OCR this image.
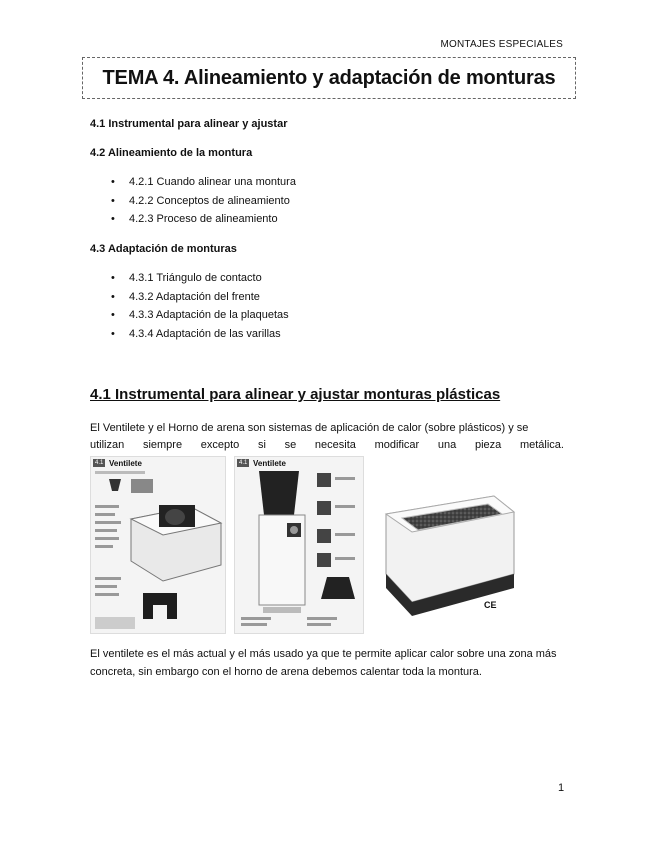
MONTAJES ESPECIALES
TEMA 4. Alineamiento y adaptación de monturas
4.1 Instrumental para alinear y ajustar
4.2 Alineamiento de la montura
• 4.2.1 Cuando alinear una montura
• 4.2.2 Conceptos de alineamiento
• 4.2.3 Proceso de alineamiento
4.3 Adaptación de monturas
• 4.3.1 Triángulo de contacto
• 4.3.2 Adaptación del frente
• 4.3.3 Adaptación de la plaquetas
• 4.3.4 Adaptación de las varillas
4.1 Instrumental para alinear y ajustar monturas plásticas
El Ventilete y el Horno de arena son sistemas de aplicación de calor (sobre plásticos) y se
utilizan siempre excepto si se necesita modificar una pieza metálica.
4.1 Ventilete	4.1 Ventilete
CE
El ventilete es el más actual y el más usado ya que te permite aplicar calor sobre una zona más concreta, sin embargo con el horno de arena debemos calentar toda la montura.
1
